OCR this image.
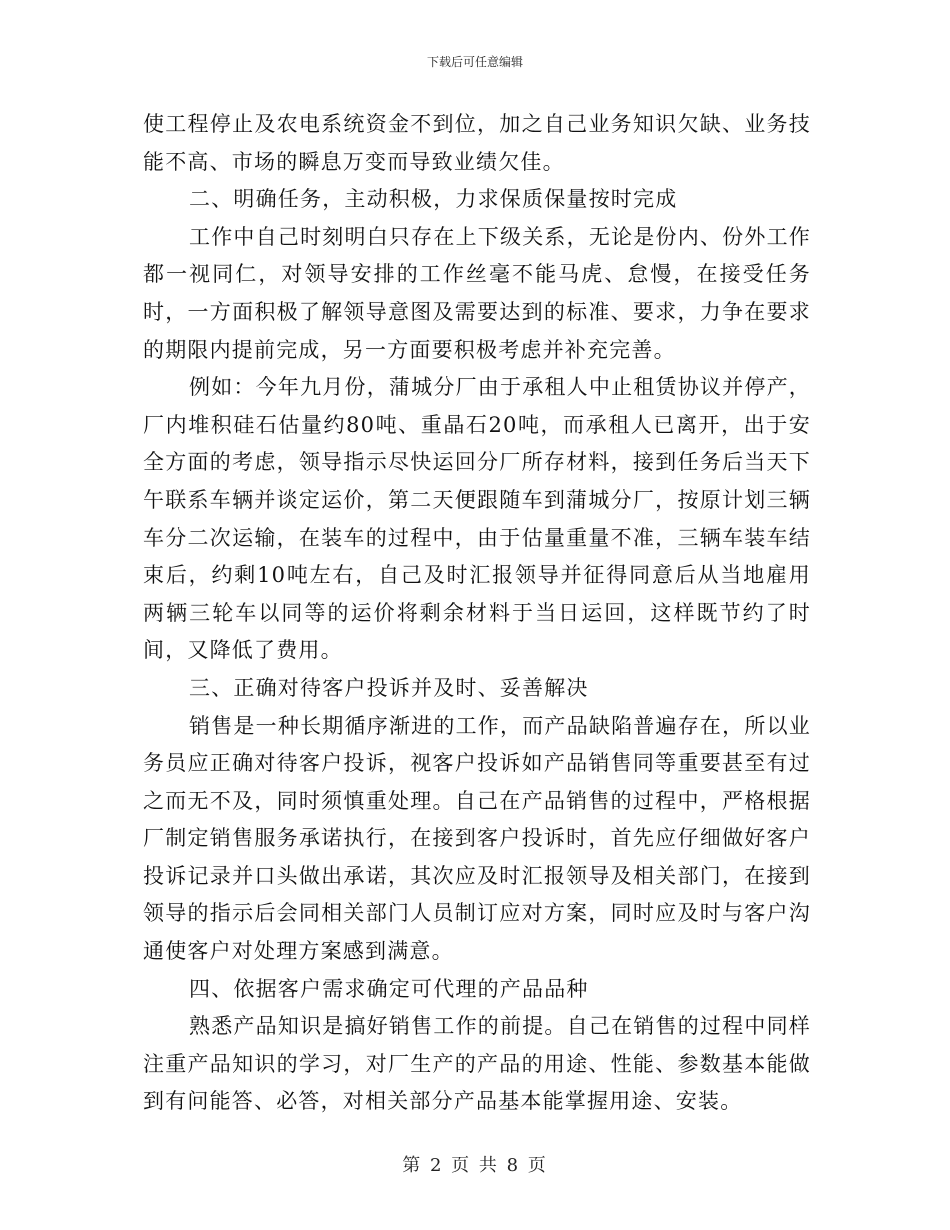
下载后可任意编辑

使工程停止及农电系统资金不到位，加之自己业务知识欠缺、业务技能不高、市场的瞬息万变而导致业绩欠佳。

二、明确任务，主动积极，力求保质保量按时完成

工作中自己时刻明白只存在上下级关系，无论是份内、份外工作都一视同仁，对领导安排的工作丝毫不能马虎、怠慢，在接受任务时，一方面积极了解领导意图及需要达到的标准、要求，力争在要求的期限内提前完成，另一方面要积极考虑并补充完善。

例如：今年九月份，蒲城分厂由于承租人中止租赁协议并停产，厂内堆积硅石估量约80吨、重晶石20吨，而承租人已离开，出于安全方面的考虑，领导指示尽快运回分厂所存材料，接到任务后当天下午联系车辆并谈定运价，第二天便跟随车到蒲城分厂，按原计划三辆车分二次运输，在装车的过程中，由于估量重量不准，三辆车装车结束后，约剩10吨左右，自己及时汇报领导并征得同意后从当地雇用两辆三轮车以同等的运价将剩余材料于当日运回，这样既节约了时间，又降低了费用。

三、正确对待客户投诉并及时、妥善解决

销售是一种长期循序渐进的工作，而产品缺陷普遍存在，所以业务员应正确对待客户投诉，视客户投诉如产品销售同等重要甚至有过之而无不及，同时须慎重处理。自己在产品销售的过程中，严格根据厂制定销售服务承诺执行，在接到客户投诉时，首先应仔细做好客户投诉记录并口头做出承诺，其次应及时汇报领导及相关部门，在接到领导的指示后会同相关部门人员制订应对方案，同时应及时与客户沟通使客户对处理方案感到满意。

四、依据客户需求确定可代理的产品品种

熟悉产品知识是搞好销售工作的前提。自己在销售的过程中同样注重产品知识的学习，对厂生产的产品的用途、性能、参数基本能做到有问能答、必答，对相关部分产品基本能掌握用途、安装。

第 2 页 共 8 页
